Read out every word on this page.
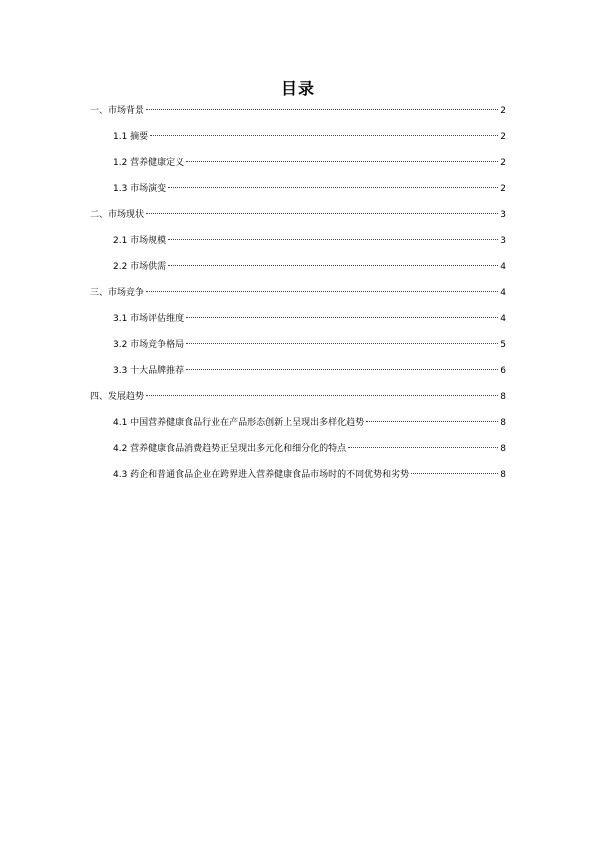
目录
一、市场背景	2
1.1 摘要	2
1.2 营养健康定义	2
1.3 市场演变	2
二、市场现状	3
2.1 市场规模	3
2.2 市场供需	4
三、市场竞争	4
3.1 市场评估维度	4
3.2 市场竞争格局	5
3.3 十大品牌推荐	6
四、发展趋势	8
4.1 中国营养健康食品行业在产品形态创新上呈现出多样化趋势	8
4.2 营养健康食品消费趋势正呈现出多元化和细分化的特点	8
4.3 药企和普通食品企业在跨界进入营养健康食品市场时的不同优势和劣势	8
